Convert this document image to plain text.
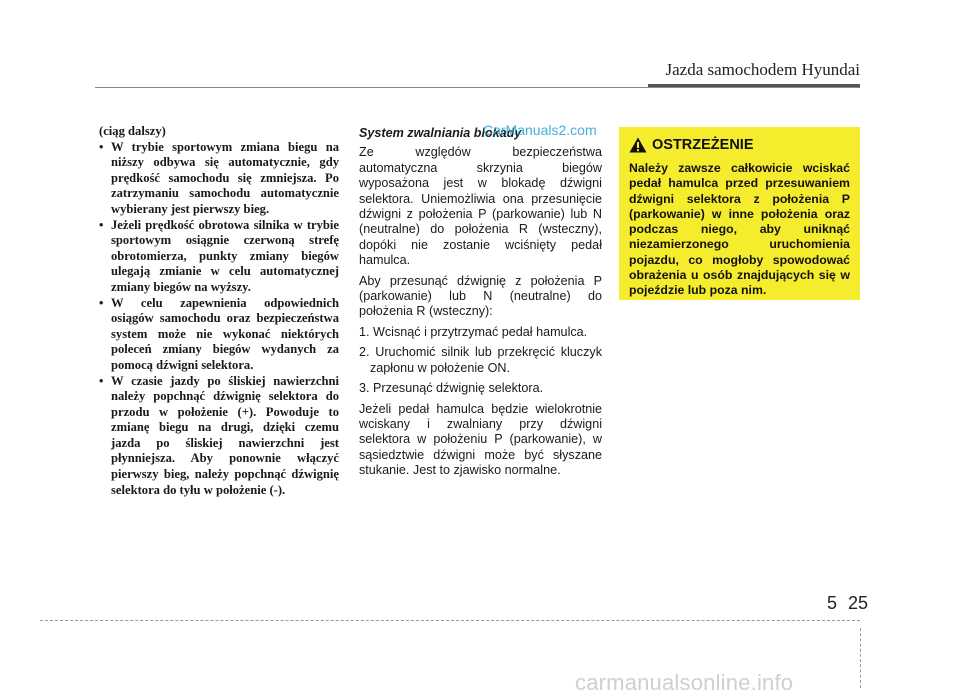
Jazda samochodem Hyundai

(ciąg dalszy)

• W trybie sportowym zmiana biegu na niższy odbywa się automatycznie, gdy prędkość samochodu się zmniejsza. Po zatrzymaniu samochodu automatycznie wybierany jest pierwszy bieg.
• Jeżeli prędkość obrotowa silnika w trybie sportowym osiągnie czerwoną strefę obrotomierza, punkty zmiany biegów ulegają zmianie w celu automatycznej zmiany biegów na wyższy.
• W celu zapewnienia odpowiednich osiągów samochodu oraz bezpieczeństwa system może nie wykonać niektórych poleceń zmiany biegów wydanych za pomocą dźwigni selektora.
• W czasie jazdy po śliskiej nawierzchni należy popchnąć dźwignię selektora do przodu w położenie (+). Powoduje to zmianę biegu na drugi, dzięki czemu jazda po śliskiej nawierzchni jest płynniejsza. Aby ponownie włączyć pierwszy bieg, należy popchnąć dźwignię selektora do tyłu w położenie (-).
System zwalniania blokady
CarManuals2.com

Ze względów bezpieczeństwa automatyczna skrzynia biegów wyposażona jest w blokadę dźwigni selektora. Uniemożliwia ona przesunięcie dźwigni z położenia P (parkowanie) lub N (neutralne) do położenia R (wsteczny), dopóki nie zostanie wciśnięty pedał hamulca.

Aby przesunąć dźwignię z położenia P (parkowanie) lub N (neutralne) do położenia R (wsteczny):

1. Wcisnąć i przytrzymać pedał hamulca.

2. Uruchomić silnik lub przekręcić kluczyk zapłonu w położenie ON.

3. Przesunąć dźwignię selektora.

Jeżeli pedał hamulca będzie wielokrotnie wciskany i zwalniany przy dźwigni selektora w położeniu P (parkowanie), w sąsiedztwie dźwigni może być słyszane stukanie. Jest to zjawisko normalne.

OSTRZEŻENIE
Należy zawsze całkowicie wciskać pedał hamulca przed przesuwaniem dźwigni selektora z położenia P (parkowanie) w inne położenia oraz podczas niego, aby uniknąć niezamierzonego uruchomienia pojazdu, co mogłoby spowodować obrażenia u osób znajdujących się w pojeździe lub poza nim.
5 25
carmanualsonline.info
